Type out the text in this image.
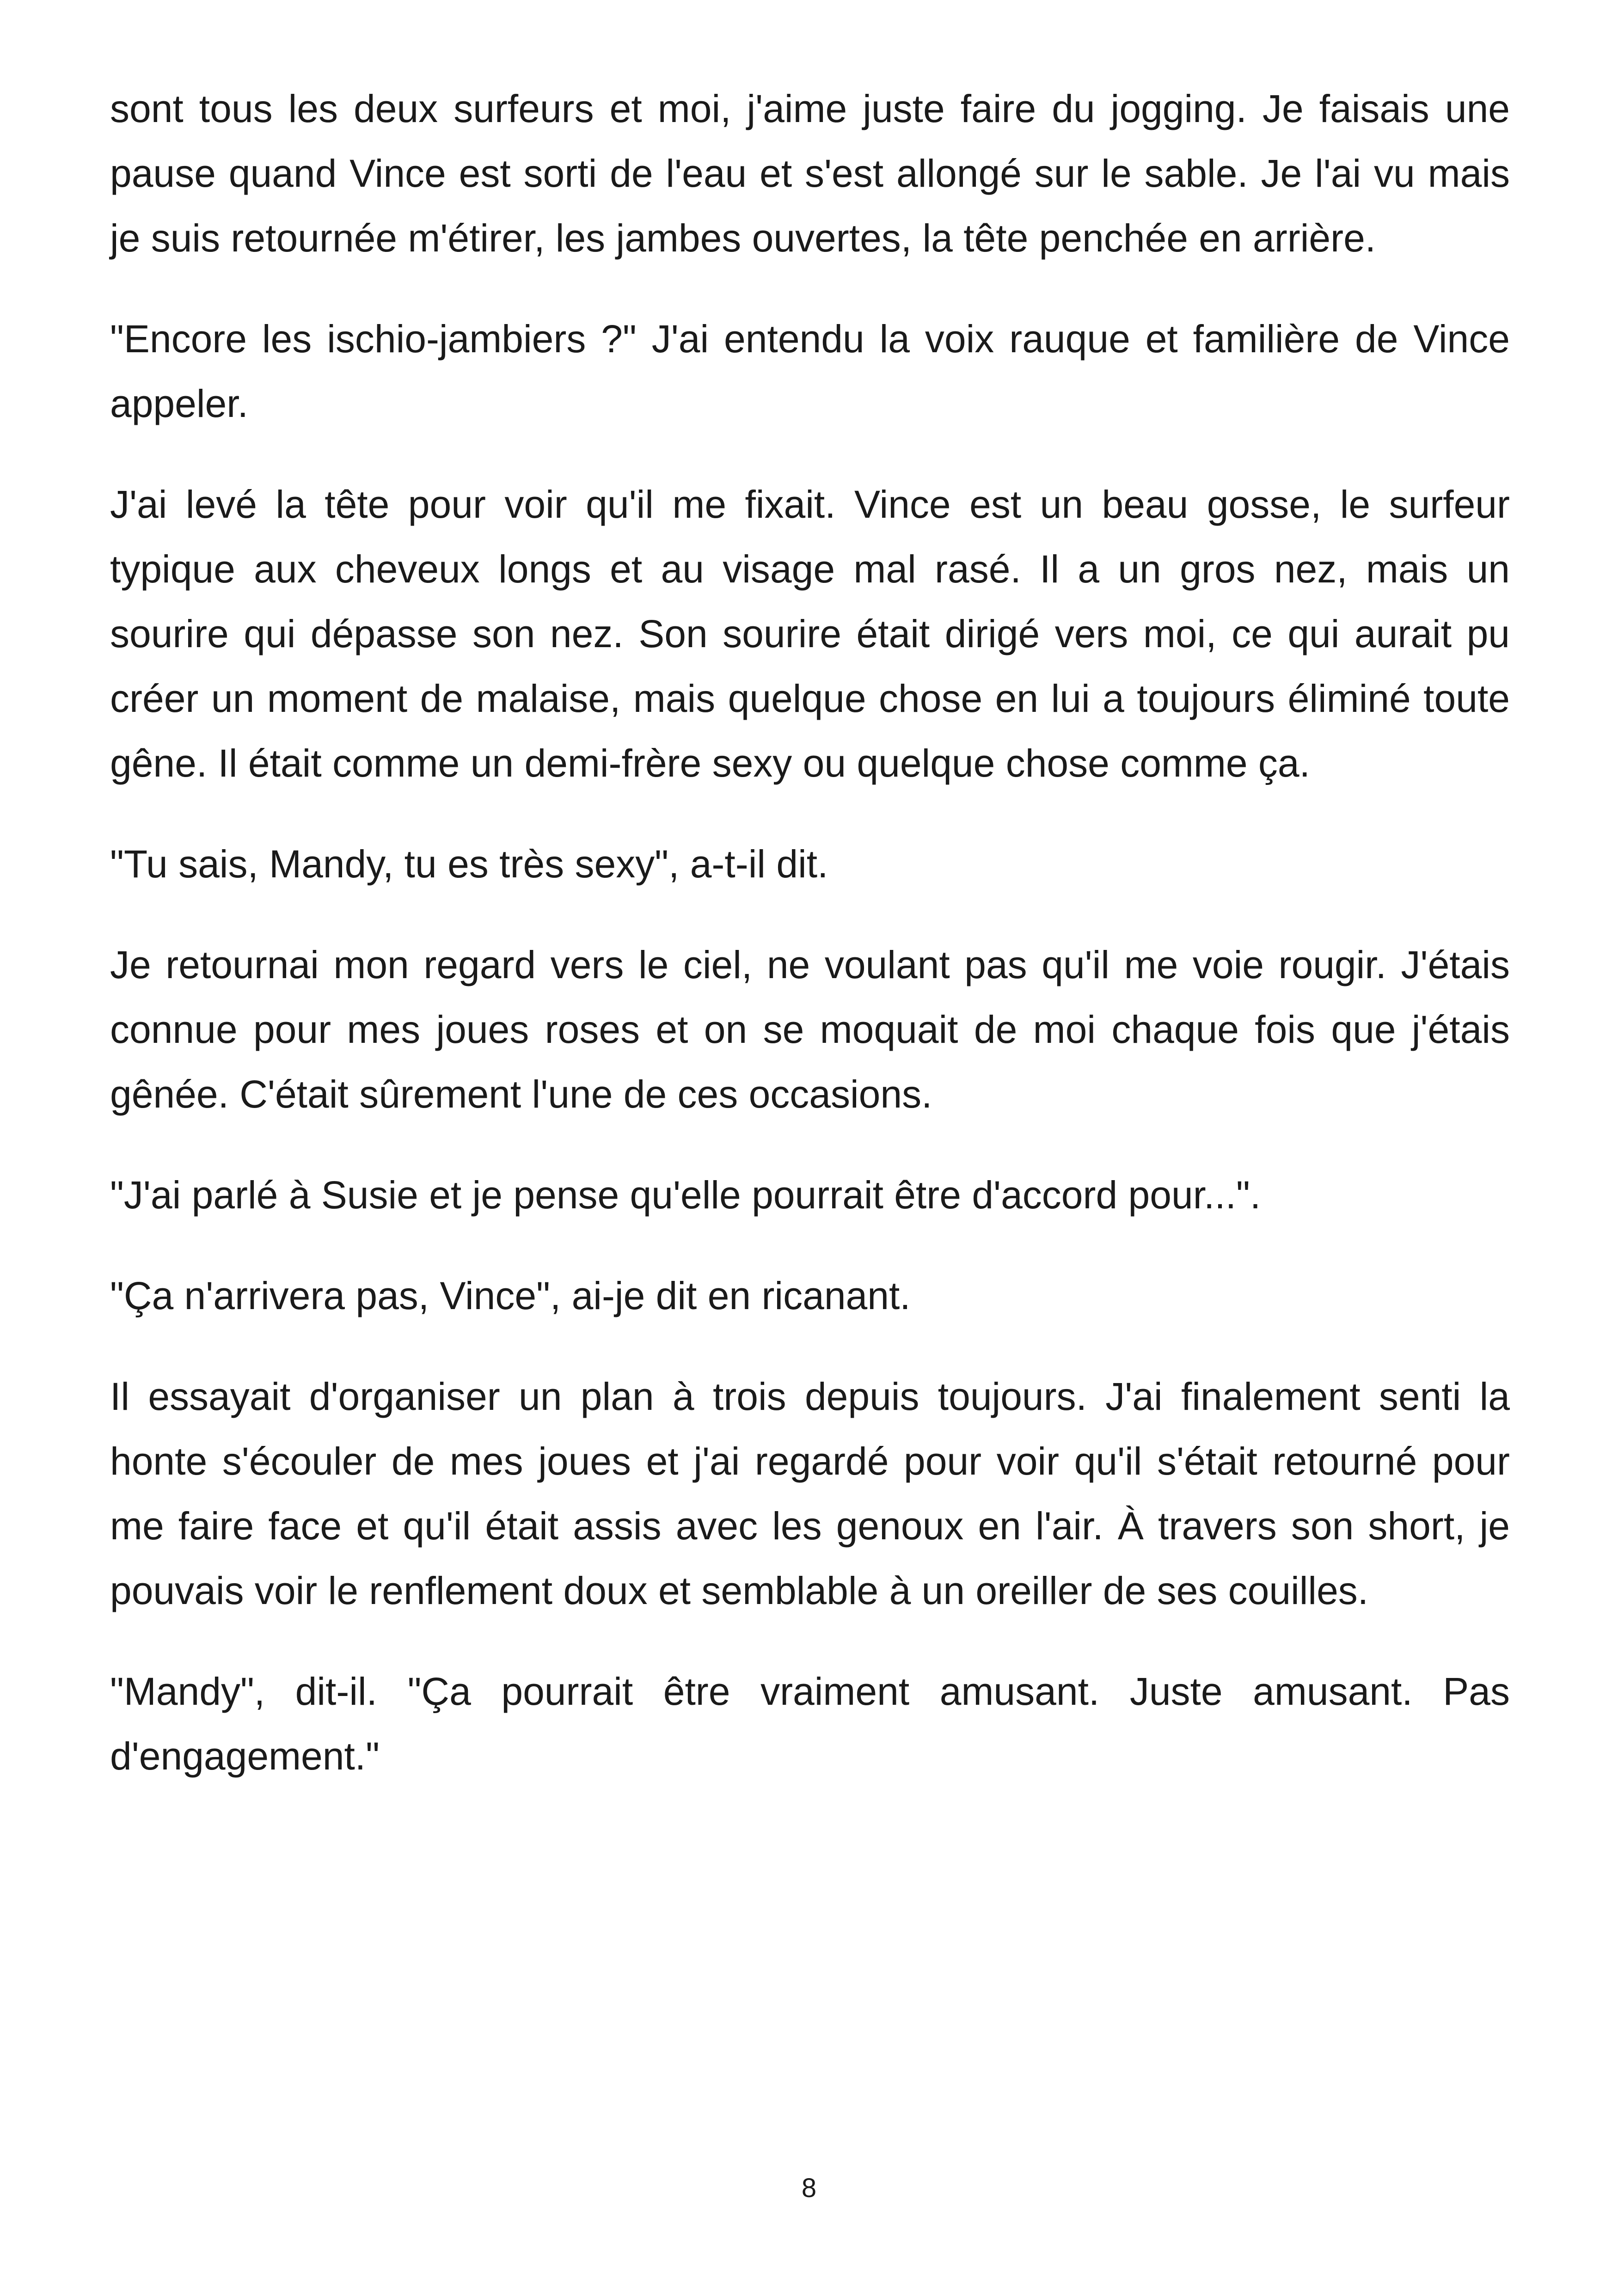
sont tous les deux surfeurs et moi, j'aime juste faire du jogging. Je faisais une pause quand Vince est sorti de l'eau et s'est allongé sur le sable. Je l'ai vu mais je suis retournée m'étirer, les jambes ouvertes, la tête penchée en arrière.

"Encore les ischio-jambiers ?" J'ai entendu la voix rauque et familière de Vince appeler.

J'ai levé la tête pour voir qu'il me fixait. Vince est un beau gosse, le surfeur typique aux cheveux longs et au visage mal rasé. Il a un gros nez, mais un sourire qui dépasse son nez. Son sourire était dirigé vers moi, ce qui aurait pu créer un moment de malaise, mais quelque chose en lui a toujours éliminé toute gêne. Il était comme un demi-frère sexy ou quelque chose comme ça.

"Tu sais, Mandy, tu es très sexy", a-t-il dit.

Je retournai mon regard vers le ciel, ne voulant pas qu'il me voie rougir. J'étais connue pour mes joues roses et on se moquait de moi chaque fois que j'étais gênée. C'était sûrement l'une de ces occasions.

"J'ai parlé à Susie et je pense qu'elle pourrait être d'accord pour...".

"Ça n'arrivera pas, Vince", ai-je dit en ricanant.

Il essayait d'organiser un plan à trois depuis toujours. J'ai finalement senti la honte s'écouler de mes joues et j'ai regardé pour voir qu'il s'était retourné pour me faire face et qu'il était assis avec les genoux en l'air. À travers son short, je pouvais voir le renflement doux et semblable à un oreiller de ses couilles.

"Mandy", dit-il. "Ça pourrait être vraiment amusant. Juste amusant. Pas d'engagement."

8
